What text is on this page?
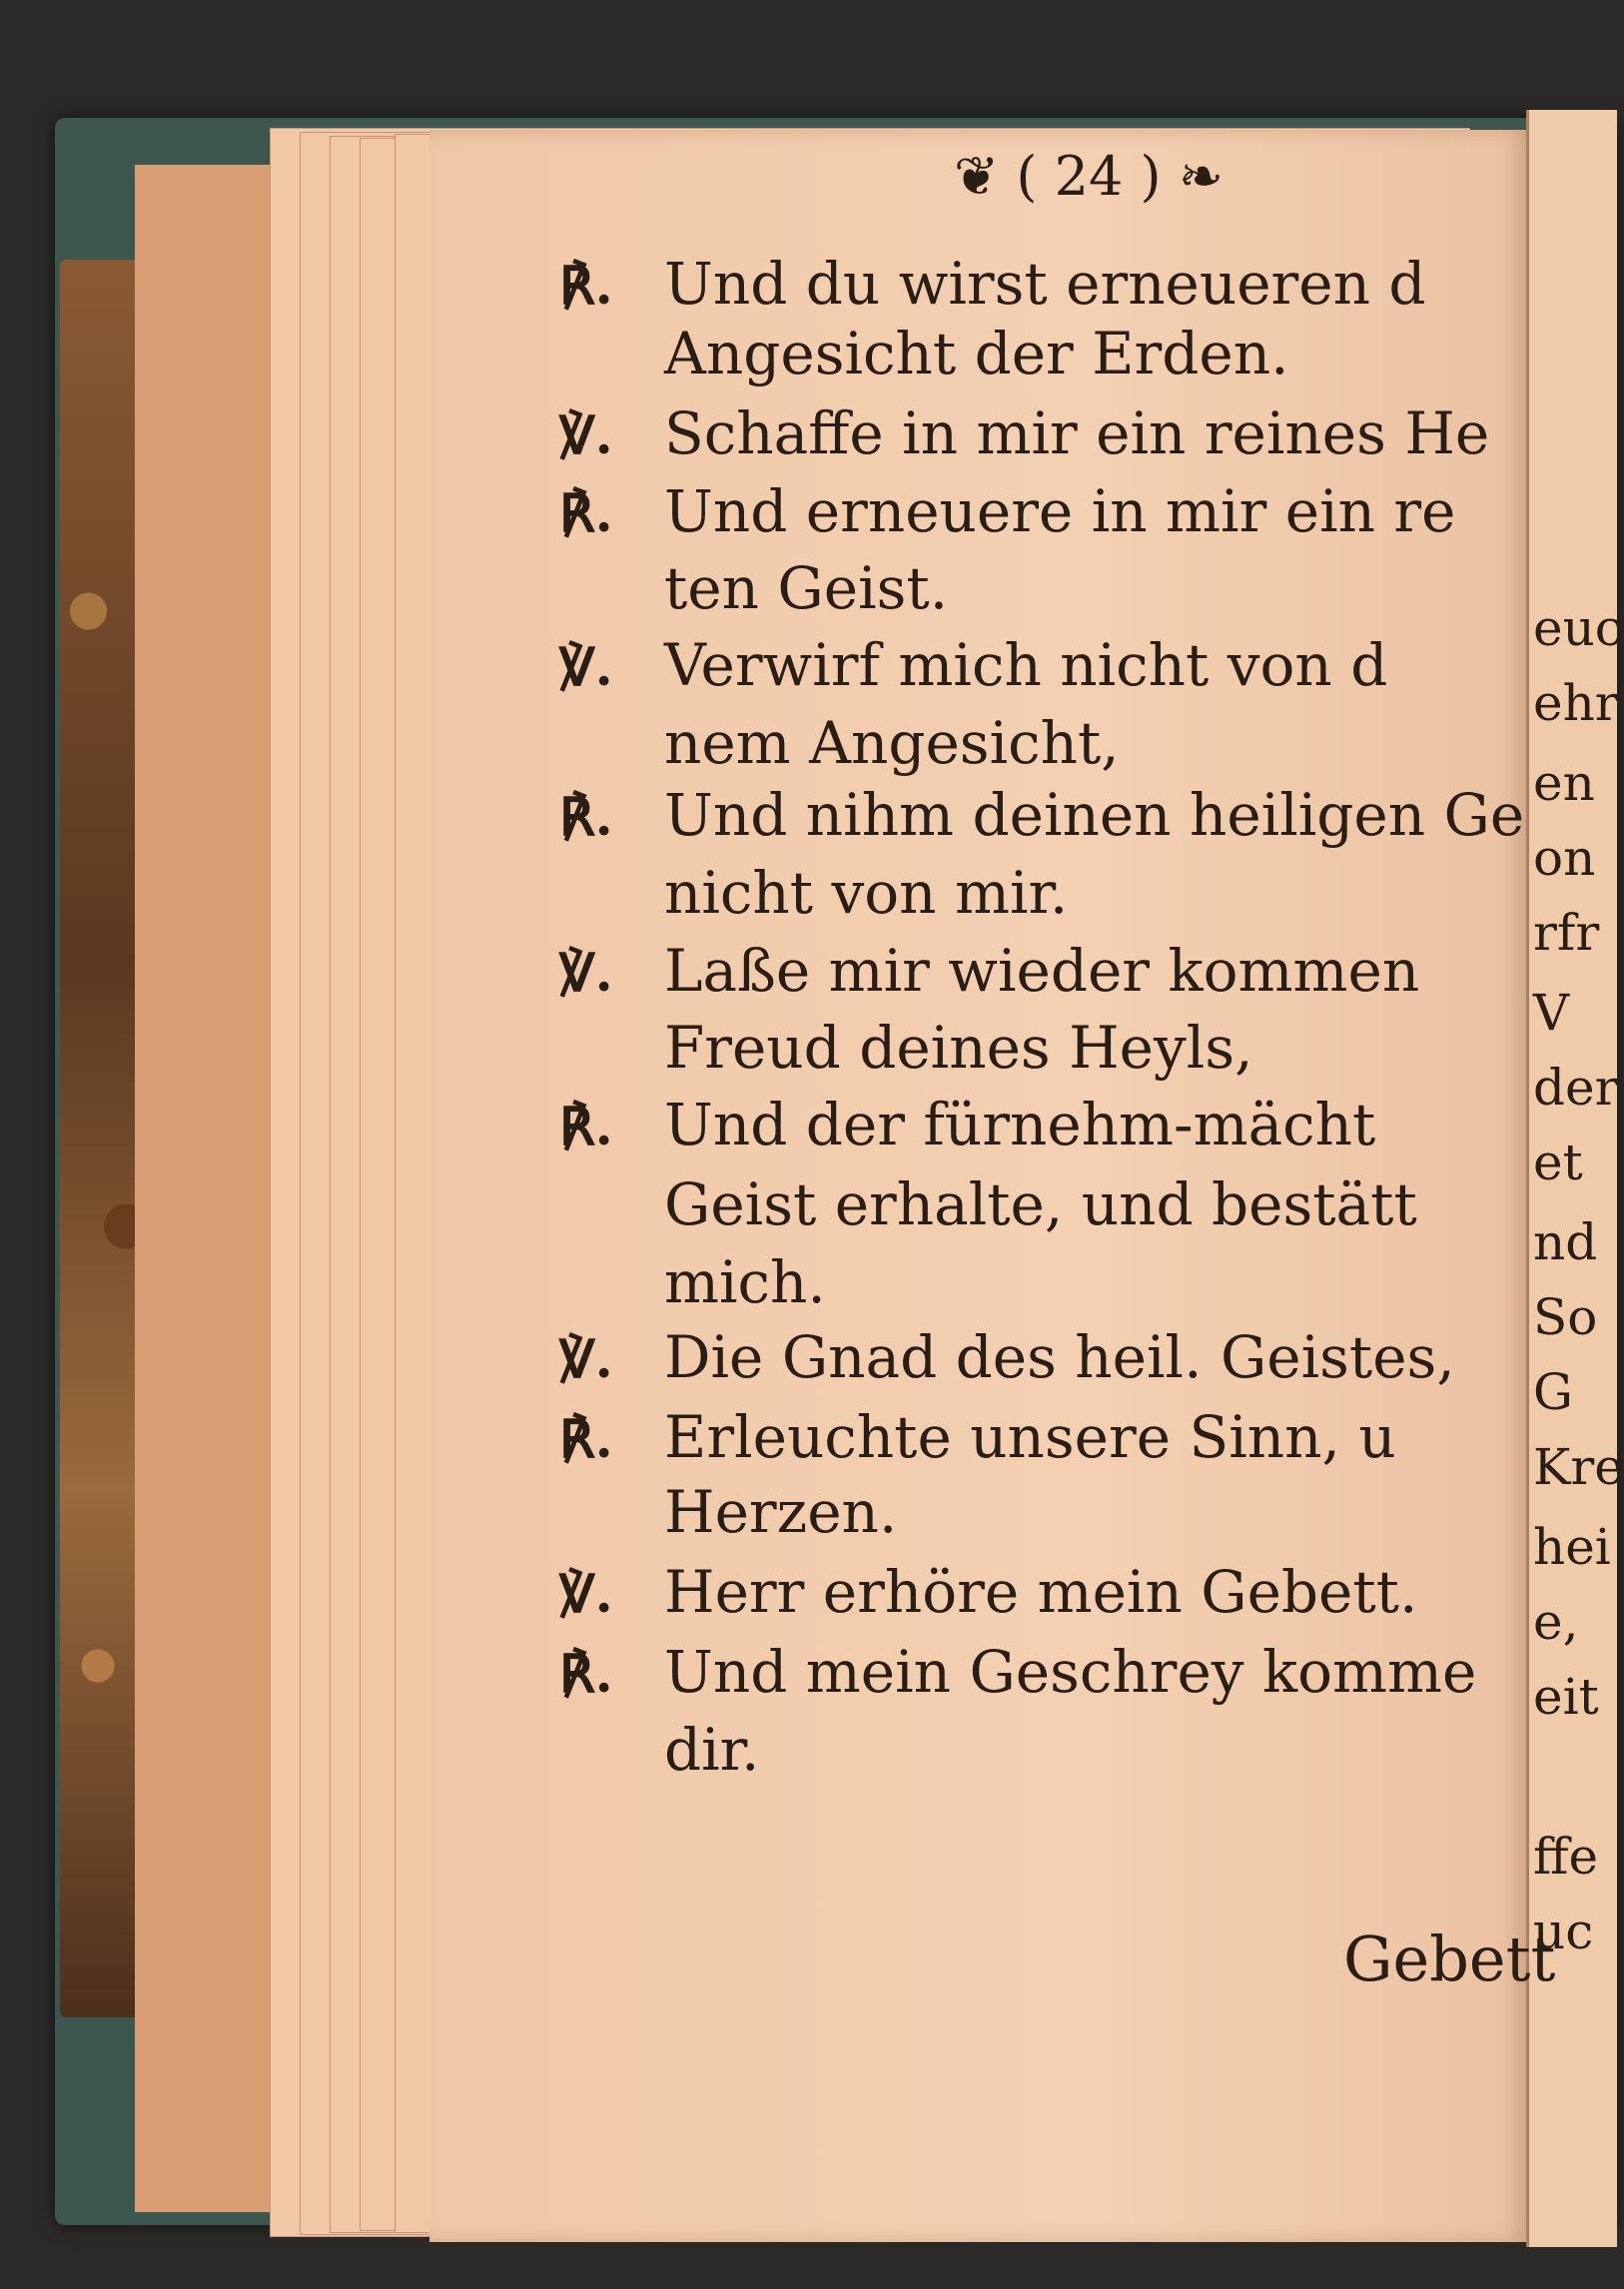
❦ ( 24 ) ❧
℟. Und du wirst erneueren d
Angesicht der Erden.
℣. Schaffe in mir ein reines He
℟. Und erneuere in mir ein re
ten Geist.
℣. Verwirf mich nicht von d
nem Angesicht,
℟. Und nihm deinen heiligen Ge
nicht von mir.
℣. Laße mir wieder kommen
Freud deines Heyls,
℟. Und der fürnehm-mächt
Geist erhalte, und bestätt
mich.
℣. Die Gnad des heil. Geistes,
℟. Erleuchte unsere Sinn, u
Herzen.
℣. Herr erhöre mein Gebett.
℟. Und mein Geschrey komme
dir.
Gebett
euc
ehr
en
on
rfr
V
der
et
nd
So
G
Kre
hei
e,
eit
ffe
uc
